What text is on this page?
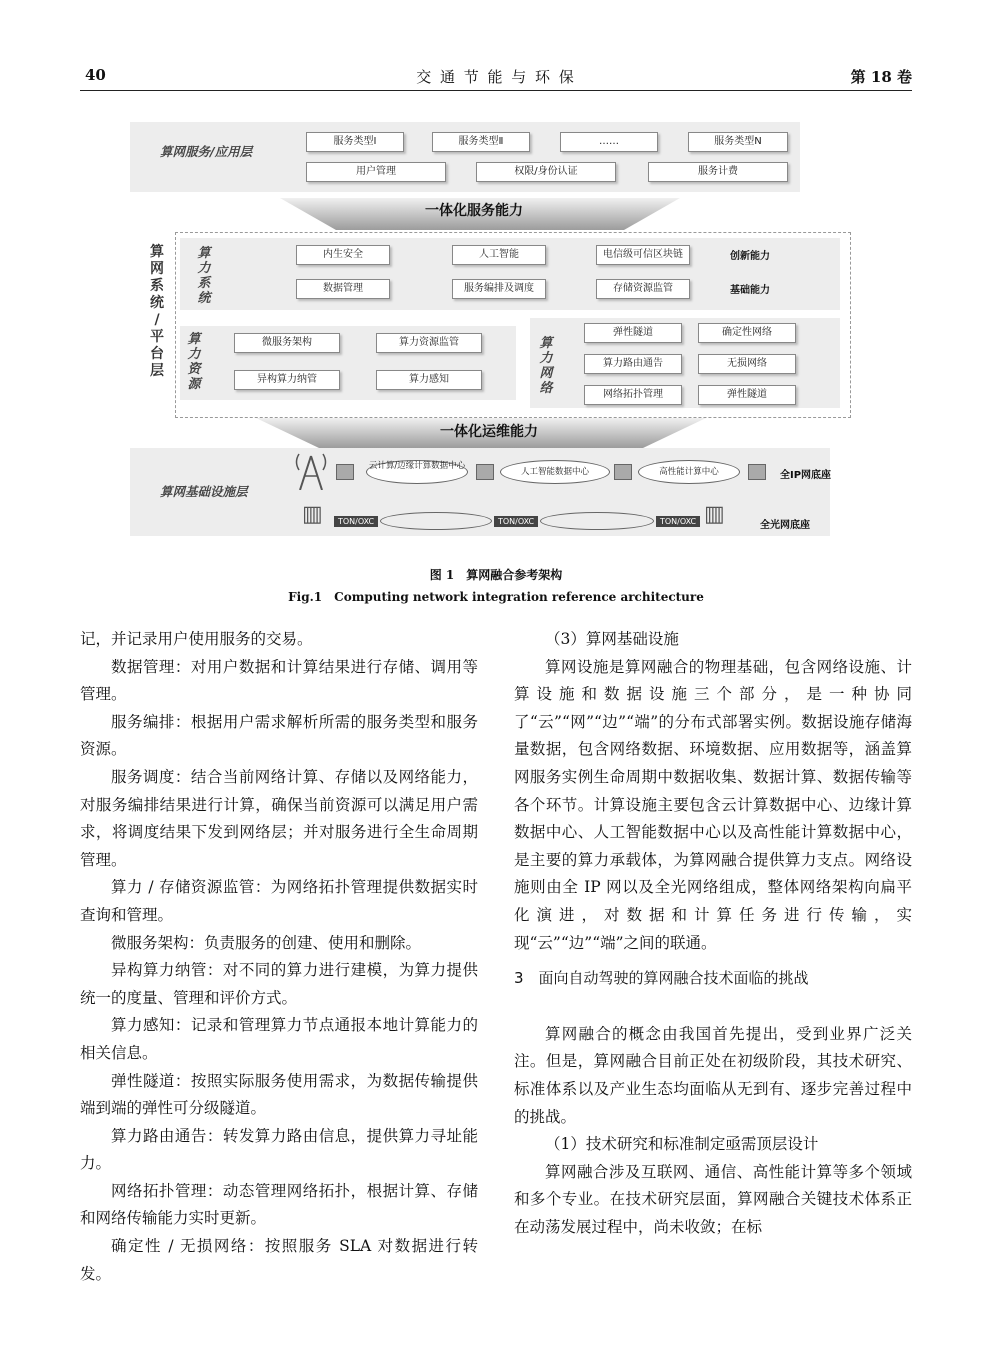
40	交 通 节 能 与 环 保	第 18 卷
算网服务/应用层
服务类型Ⅰ	服务类型Ⅱ	……	服务类型N
用户管理	权限/身份认证	服务计费
一体化服务能力
算
网
系
统
/
平
台
层
算
力
系
统
内生安全	人工智能	电信级可信区块链	创新能力
数据管理	服务编排及调度	存储资源监管	基础能力
算
力
资
源
微服务架构	算力资源监管
异构算力纳管	算力感知
算
力
网
络
弹性隧道	确定性网络
算力路由通告	无损网络
网络拓扑管理	弹性隧道
一体化运维能力
算网基础设施层
云计算/边缘计算数据中心
人工智能数据中心	高性能计算中心	全IP网底座
▥	TON/OXC	TON/OXC	TON/OXC ▥	全光网底座
图 1　算网融合参考架构
Fig.1　Computing network integration reference architecture

记，并记录用户使用服务的交易。

数据管理：对用户数据和计算结果进行存储、调用等管理。

服务编排：根据用户需求解析所需的服务类型和服务资源。

服务调度：结合当前网络计算、存储以及网络能力，对服务编排结果进行计算，确保当前资源可以满足用户需求，将调度结果下发到网络层；并对服务进行全生命周期管理。

算力 / 存储资源监管：为网络拓扑管理提供数据实时查询和管理。

微服务架构：负责服务的创建、使用和删除。

异构算力纳管：对不同的算力进行建模，为算力提供统一的度量、管理和评价方式。

算力感知：记录和管理算力节点通报本地计算能力的相关信息。

弹性隧道：按照实际服务使用需求，为数据传输提供端到端的弹性可分级隧道。

算力路由通告：转发算力路由信息，提供算力寻址能力。

网络拓扑管理：动态管理网络拓扑，根据计算、存储和网络传输能力实时更新。

确定性 / 无损网络：按照服务 SLA 对数据进行转发。

（3）算网基础设施

算网设施是算网融合的物理基础，包含网络设施、计算设施和数据设施三个部分，是一种协同了“云”“网”“边”“端”的分布式部署实例。数据设施存储海量数据，包含网络数据、环境数据、应用数据等，涵盖算网服务实例生命周期中数据收集、数据计算、数据传输等各个环节。计算设施主要包含云计算数据中心、边缘计算数据中心、人工智能数据中心以及高性能计算数据中心，是主要的算力承载体，为算网融合提供算力支点。网络设施则由全 IP 网以及全光网络组成，整体网络架构向扁平化演进，对数据和计算任务进行传输，实现“云”“边”“端”之间的联通。

3　面向自动驾驶的算网融合技术面临的挑战

算网融合的概念由我国首先提出，受到业界广泛关注。但是，算网融合目前正处在初级阶段，其技术研究、标准体系以及产业生态均面临从无到有、逐步完善过程中的挑战。

（1）技术研究和标准制定亟需顶层设计

算网融合涉及互联网、通信、高性能计算等多个领域和多个专业。在技术研究层面，算网融合关键技术体系正在动荡发展过程中，尚未收敛；在标
